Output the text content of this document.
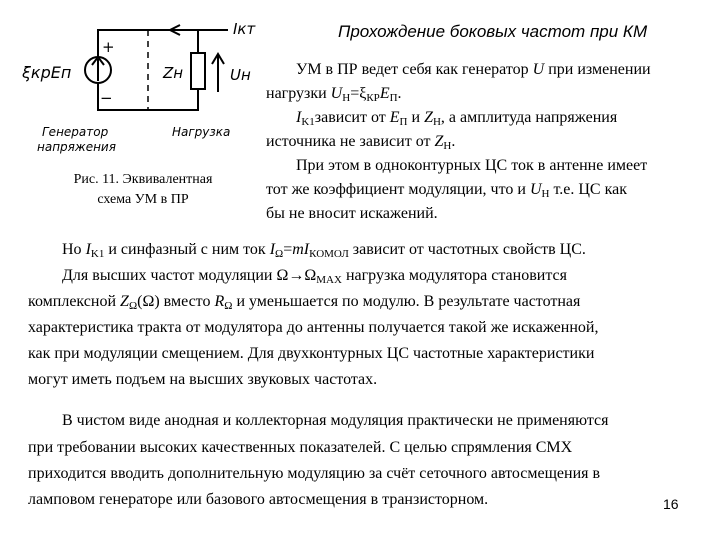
Прохождение боковых частот при КМ
Iкт
ξкрEп
+
−
Zн	Uн
Генератор
напряжения
Нагрузка
Рис. 11. Эквивалентная
схема УМ в ПР
УМ в ПР ведет себя как генератор U при изменении
нагрузки $U_Н=\xi_{КР}E_П$.
$I_{K1}зависит$ от $E_П$ и $Z_Н$, а амплитуда напряжения
источника не зависит от $Z_Н$.
При этом в одноконтурных ЦС ток в антенне имеет
тот же коэффициент модуляции, что и $U_Н$ т.е. ЦС как
бы не вносит искажений.
Но $I_{K1}$ и синфазный с ним ток $I_\Omega=mI_{КОМОЛ}$ зависит от частотных свойств ЦС.
Для высших частот модуляции $\Omega\to\Omega_{MAX}$ нагрузка модулятора становится
комплексной $Z_\Omega(\Omega)$ вместо $R_\Omega$ и уменьшается по модулю. В результате частотная
характеристика тракта от модулятора до антенны получается такой же искаженной,
как при модуляции смещением. Для двухконтурных ЦС частотные характеристики
могут иметь подъем на высших звуковых частотах.
В чистом виде анодная и коллекторная модуляция практически не применяются
при требовании высоких качественных показателей. С целью спрямления СМХ
приходится вводить дополнительную модуляцию за счёт сеточного автосмещения в
ламповом генераторе или базового автосмещения в транзисторном.	16
